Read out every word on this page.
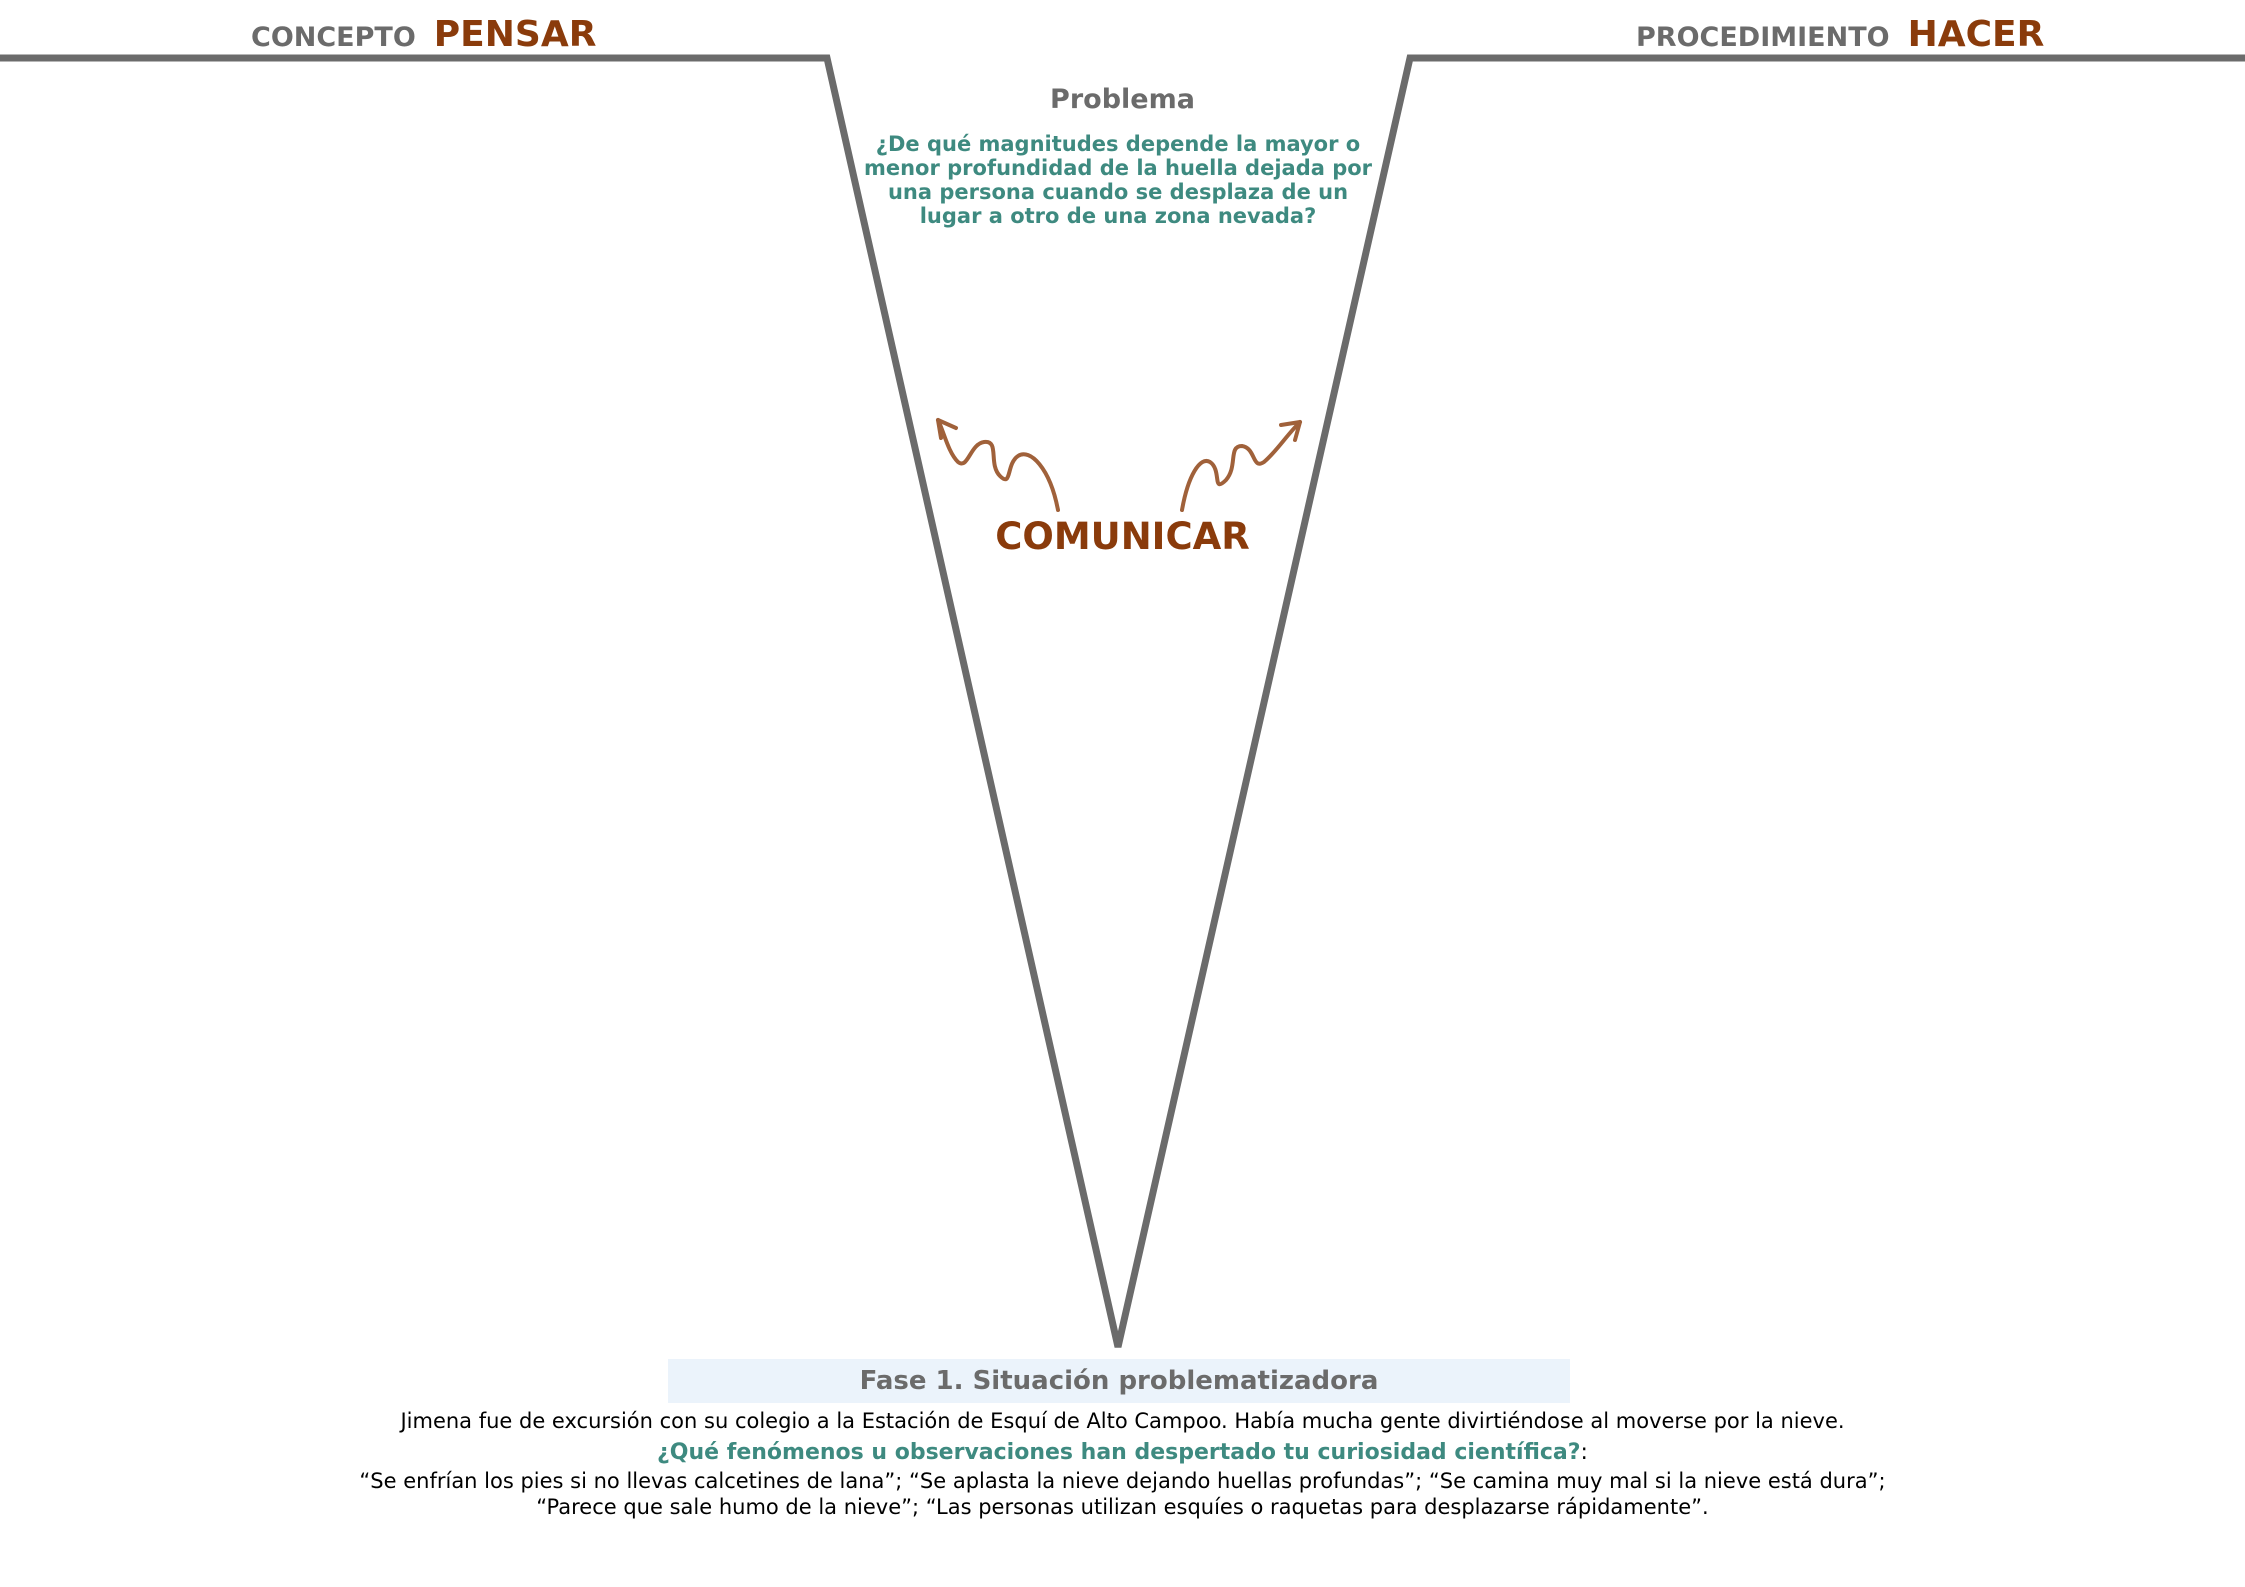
CONCEPTO PENSAR	PROCEDIMIENTO HACER
Problema
¿De qué magnitudes depende la mayor o menor profundidad de la huella dejada por una persona cuando se desplaza de un lugar a otro de una zona nevada?
COMUNICAR
Fase 1. Situación problematizadora
Jimena fue de excursión con su colegio a la Estación de Esquí de Alto Campoo. Había mucha gente divirtiéndose al moverse por la nieve.
¿Qué fenómenos u observaciones han despertado tu curiosidad científica?:
“Se enfrían los pies si no llevas calcetines de lana”; “Se aplasta la nieve dejando huellas profundas”; “Se camina muy mal si la nieve está dura”;
“Parece que sale humo de la nieve”; “Las personas utilizan esquíes o raquetas para desplazarse rápidamente”.
